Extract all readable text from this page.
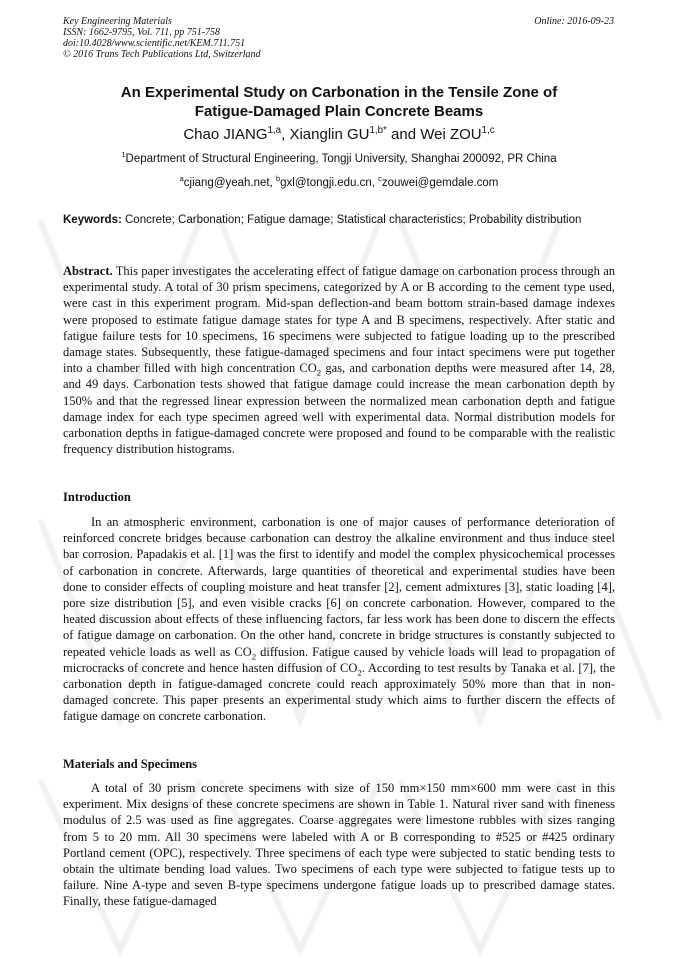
Key Engineering Materials
ISSN: 1662-9795, Vol. 711, pp 751-758
doi:10.4028/www.scientific.net/KEM.711.751
© 2016 Trans Tech Publications Ltd, Switzerland
Online: 2016-09-23
An Experimental Study on Carbonation in the Tensile Zone of
Fatigue-Damaged Plain Concrete Beams
Chao JIANG$^{1,a}$, Xianglin $GU^{1,b*}$ and Wei ZOU$^{1,c}$
$^1$Department of Structural Engineering, Tongji University, Shanghai 200092, PR China
$^a$cjiang@yeah.net, $^b$gxl@tongji.edu.cn, $^c$zouwei@gemdale.com
Keywords: Concrete; Carbonation; Fatigue damage; Statistical characteristics; Probability distribution
Abstract. This paper investigates the accelerating effect of fatigue damage on carbonation process through an experimental study. A total of 30 prism specimens, categorized by A or B according to the cement type used, were cast in this experiment program. Mid-span deflection-and beam bottom strain-based damage indexes were proposed to estimate fatigue damage states for type A and B specimens, respectively. After static and fatigue failure tests for 10 specimens, 16 specimens were subjected to fatigue loading up to the prescribed damage states. Subsequently, these fatigue-damaged specimens and four intact specimens were put together into a chamber filled with high concentration $CO_2$ gas, and carbonation depths were measured after 14, 28, and 49 days. Carbonation tests showed that fatigue damage could increase the mean carbonation depth by 150% and that the regressed linear expression between the normalized mean carbonation depth and fatigue damage index for each type specimen agreed well with experimental data. Normal distribution models for carbonation depths in fatigue-damaged concrete were proposed and found to be comparable with the realistic frequency distribution histograms.
Introduction
In an atmospheric environment, carbonation is one of major causes of performance deterioration of reinforced concrete bridges because carbonation can destroy the alkaline environment and thus induce steel bar corrosion. Papadakis et al. [1] was the first to identify and model the complex physicochemical processes of carbonation in concrete. Afterwards, large quantities of theoretical and experimental studies have been done to consider effects of coupling moisture and heat transfer [2], cement admixtures [3], static loading [4], pore size distribution [5], and even visible cracks [6] on concrete carbonation. However, compared to the heated discussion about effects of these influencing factors, far less work has been done to discern the effects of fatigue damage on carbonation. On the other hand, concrete in bridge structures is constantly subjected to repeated vehicle loads as well as $CO_2$ diffusion. Fatigue caused by vehicle loads will lead to propagation of microcracks of concrete and hence hasten diffusion of $CO_2$. According to test results by Tanaka et al. [7], the carbonation depth in fatigue-damaged concrete could reach approximately 50% more than that in non-damaged concrete. This paper presents an experimental study which aims to further discern the effects of fatigue damage on concrete carbonation.
Materials and Specimens
A total of 30 prism concrete specimens with size of 150 mm×150 mm×600 mm were cast in this experiment. Mix designs of these concrete specimens are shown in Table 1. Natural river sand with fineness modulus of 2.5 was used as fine aggregates. Coarse aggregates were limestone rubbles with sizes ranging from 5 to 20 mm. All 30 specimens were labeled with A or B corresponding to #525 or #425 ordinary Portland cement (OPC), respectively. Three specimens of each type were subjected to static bending tests to obtain the ultimate bending load values. Two specimens of each type were subjected to fatigue tests up to failure. Nine A-type and seven B-type specimens undergone fatigue loads up to prescribed damage states. Finally, these fatigue-damaged
